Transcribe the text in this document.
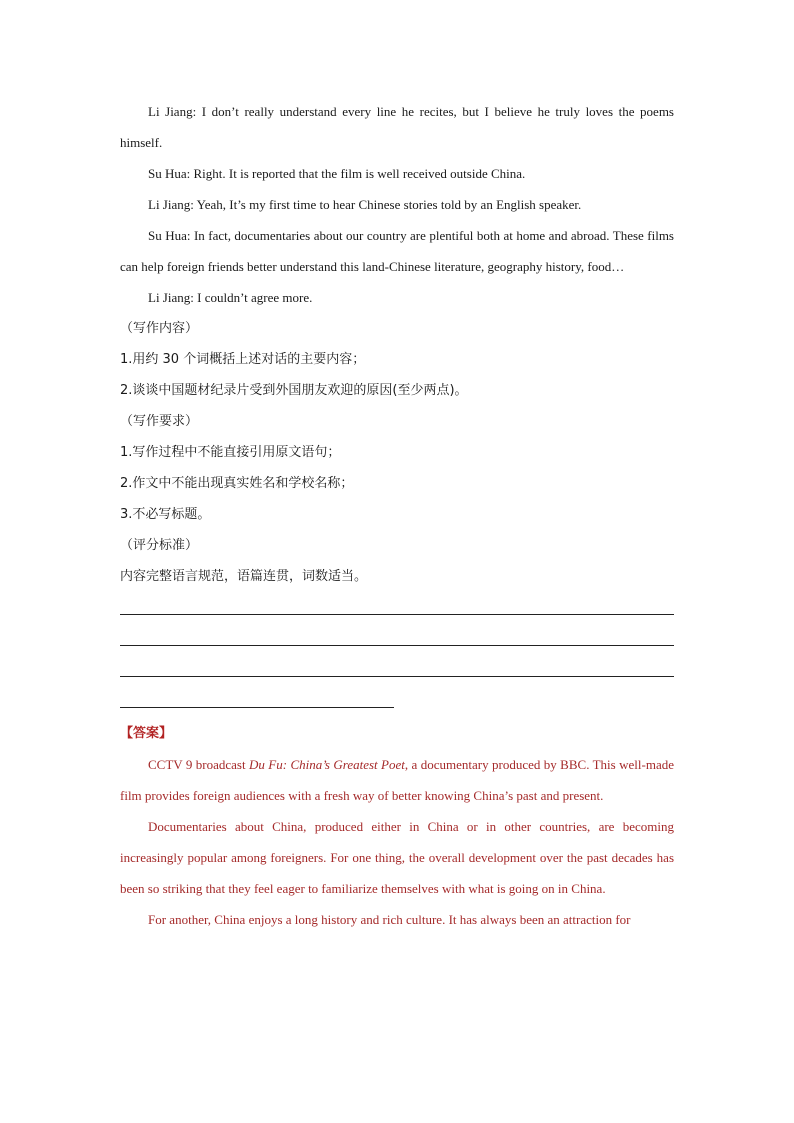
Li Jiang: I don’t really understand every line he recites, but I believe he truly loves the poems himself.

Su Hua: Right. It is reported that the film is well received outside China.

Li Jiang: Yeah, It’s my first time to hear Chinese stories told by an English speaker.

Su Hua: In fact, documentaries about our country are plentiful both at home and abroad. These films can help foreign friends better understand this land-Chinese literature, geography history, food…

Li Jiang: I couldn’t agree more.

（写作内容）

1.用约 30 个词概括上述对话的主要内容；

2.谈谈中国题材纪录片受到外国朋友欢迎的原因(至少两点)。

（写作要求）

1.写作过程中不能直接引用原文语句；

2.作文中不能出现真实姓名和学校名称；

3.不必写标题。

（评分标准）

内容完整语言规范，语篇连贯，词数适当。

【答案】

CCTV 9 broadcast Du Fu: China’s Greatest Poet, a documentary produced by BBC. This well-made film provides foreign audiences with a fresh way of better knowing China’s past and present.

Documentaries about China, produced either in China or in other countries, are becoming increasingly popular among foreigners. For one thing, the overall development over the past decades has been so striking that they feel eager to familiarize themselves with what is going on in China.

For another, China enjoys a long history and rich culture. It has always been an attraction for
